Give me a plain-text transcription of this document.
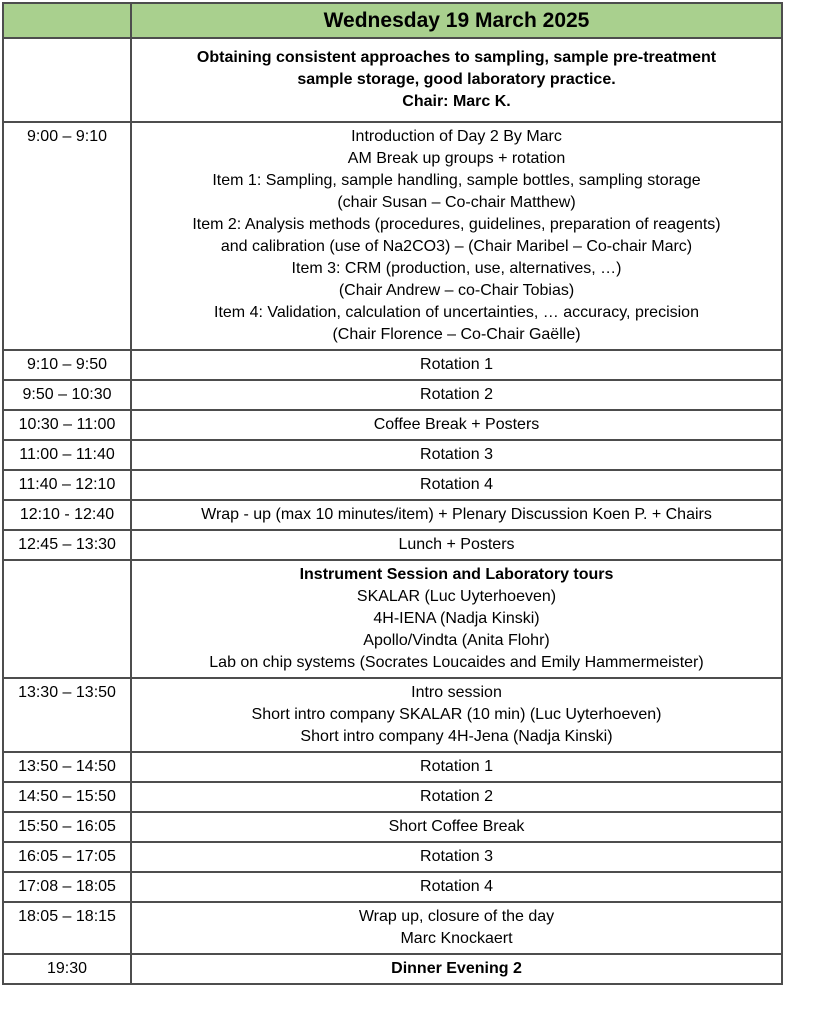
	Wednesday 19 March 2025

	Obtaining consistent approaches to sampling, sample pre-treatment
sample storage, good laboratory practice.
Chair: Marc K.

9:00 – 9:10	Introduction of Day 2 By Marc
AM Break up groups + rotation
Item 1: Sampling, sample handling, sample bottles, sampling storage
(chair Susan – Co-chair Matthew)
Item 2: Analysis methods (procedures, guidelines, preparation of reagents)
and calibration (use of Na2CO3) – (Chair Maribel – Co-chair Marc)
Item 3: CRM (production, use, alternatives, …)
(Chair Andrew – co-Chair Tobias)
Item 4: Validation, calculation of uncertainties, … accuracy, precision
(Chair Florence – Co-Chair Gaëlle)

9:10 – 9:50	Rotation 1

9:50 – 10:30	Rotation 2

10:30 – 11:00	Coffee Break + Posters

11:00 – 11:40	Rotation 3

11:40 – 12:10	Rotation 4

12:10 - 12:40	Wrap - up (max 10 minutes/item) + Plenary Discussion Koen P. + Chairs

12:45 – 13:30	Lunch + Posters

	Instrument Session and Laboratory tours
SKALAR (Luc Uyterhoeven)
4H-IENA (Nadja Kinski)
Apollo/Vindta (Anita Flohr)
Lab on chip systems (Socrates Loucaides and Emily Hammermeister)

13:30 – 13:50	Intro session
Short intro company SKALAR (10 min) (Luc Uyterhoeven)
Short intro company 4H-Jena (Nadja Kinski)

13:50 – 14:50	Rotation 1

14:50 – 15:50	Rotation 2

15:50 – 16:05	Short Coffee Break

16:05 – 17:05	Rotation 3

17:08 – 18:05	Rotation 4

18:05 – 18:15	Wrap up, closure of the day
Marc Knockaert

19:30	Dinner Evening 2
